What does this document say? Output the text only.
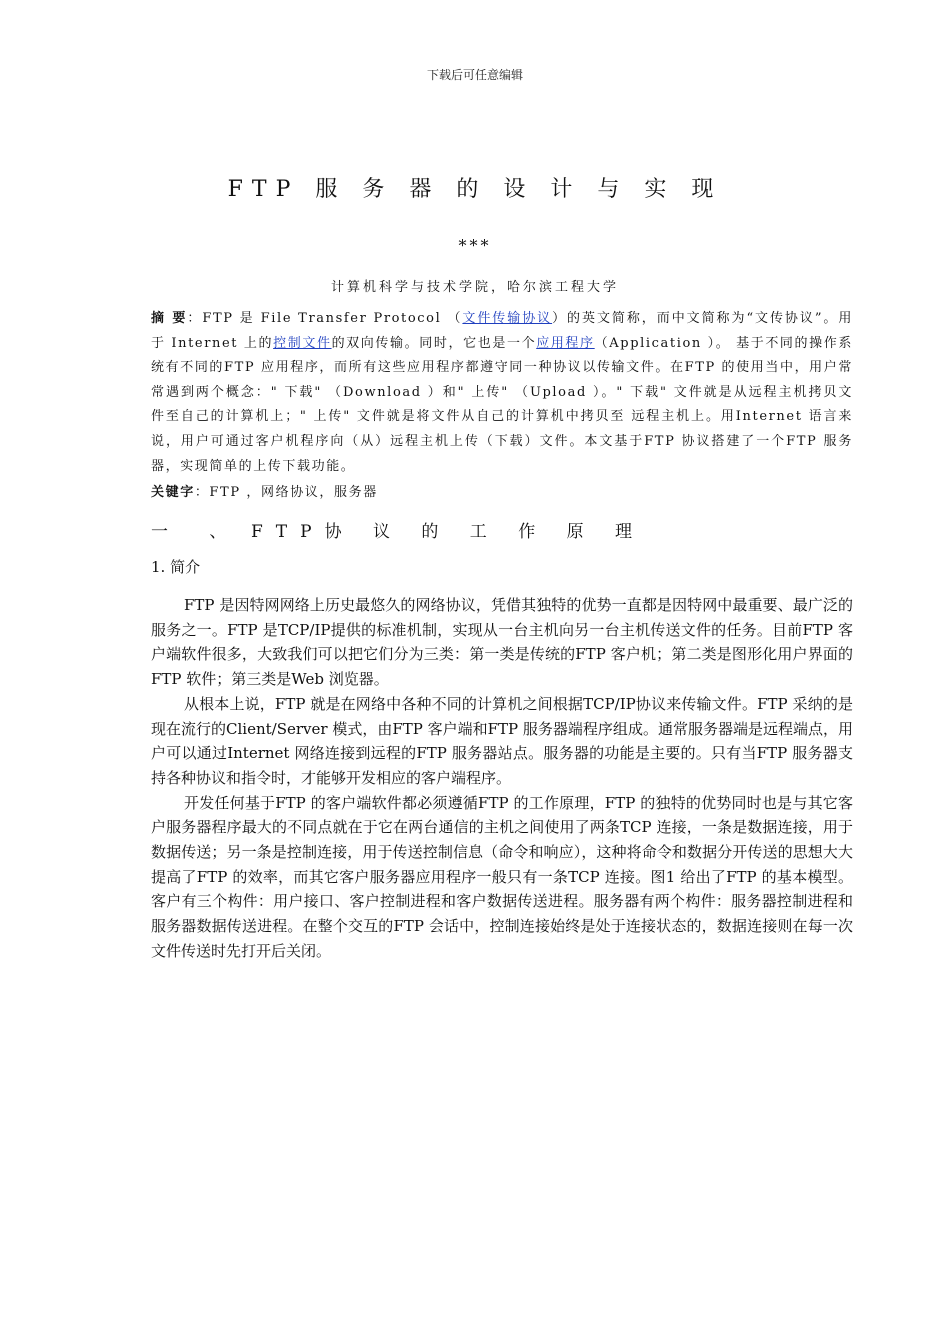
下载后可任意编辑
FTP 服 务 器 的 设 计 与 实 现
***
计算机科学与技术学院，哈尔滨工程大学
摘 要：FTP 是 File Transfer Protocol （文件传输协议）的英文简称，而中文简称为“文传协议”。用于 Internet 上的控制文件的双向传输。同时，它也是一个应用程序（Application ）。 基于不同的操作系统有不同的FTP 应用程序，而所有这些应用程序都遵守同一种协议以传输文件。在FTP 的使用当中，用户常常遇到两个概念：" 下载" （Download ）和" 上传" （Upload ）。" 下载" 文件就是从远程主机拷贝文件至自己的计算机上；" 上传" 文件就是将文件从自己的计算机中拷贝至 远程主机上。用Internet 语言来说，用户可通过客户机程序向（从）远程主机上传（下载）文件。本文基于FTP 协议搭建了一个FTP 服务器，实现简单的上传下载功能。
关键字：FTP ，网络协议，服务器
一 、 FTP协 议 的 工 作 原 理
1. 简介

FTP 是因特网网络上历史最悠久的网络协议，凭借其独特的优势一直都是因特网中最重要、最广泛的服务之一。FTP 是TCP/IP提供的标准机制，实现从一台主机向另一台主机传送文件的任务。目前FTP 客户端软件很多，大致我们可以把它们分为三类：第一类是传统的FTP 客户机；第二类是图形化用户界面的FTP 软件；第三类是Web 浏览器。

从根本上说，FTP 就是在网络中各种不同的计算机之间根据TCP/IP协议来传输文件。FTP 采纳的是现在流行的Client/Server 模式，由FTP 客户端和FTP 服务器端程序组成。通常服务器端是远程端点，用户可以通过Internet 网络连接到远程的FTP 服务器站点。服务器的功能是主要的。只有当FTP 服务器支持各种协议和指令时，才能够开发相应的客户端程序。

开发任何基于FTP 的客户端软件都必须遵循FTP 的工作原理，FTP 的独特的优势同时也是与其它客户服务器程序最大的不同点就在于它在两台通信的主机之间使用了两条TCP 连接，一条是数据连接，用于数据传送；另一条是控制连接，用于传送控制信息（命令和响应），这种将命令和数据分开传送的思想大大提高了FTP 的效率，而其它客户服务器应用程序一般只有一条TCP 连接。图1 给出了FTP 的基本模型。客户有三个构件：用户接口、客户控制进程和客户数据传送进程。服务器有两个构件：服务器控制进程和服务器数据传送进程。在整个交互的FTP 会话中，控制连接始终是处于连接状态的，数据连接则在每一次文件传送时先打开后关闭。
